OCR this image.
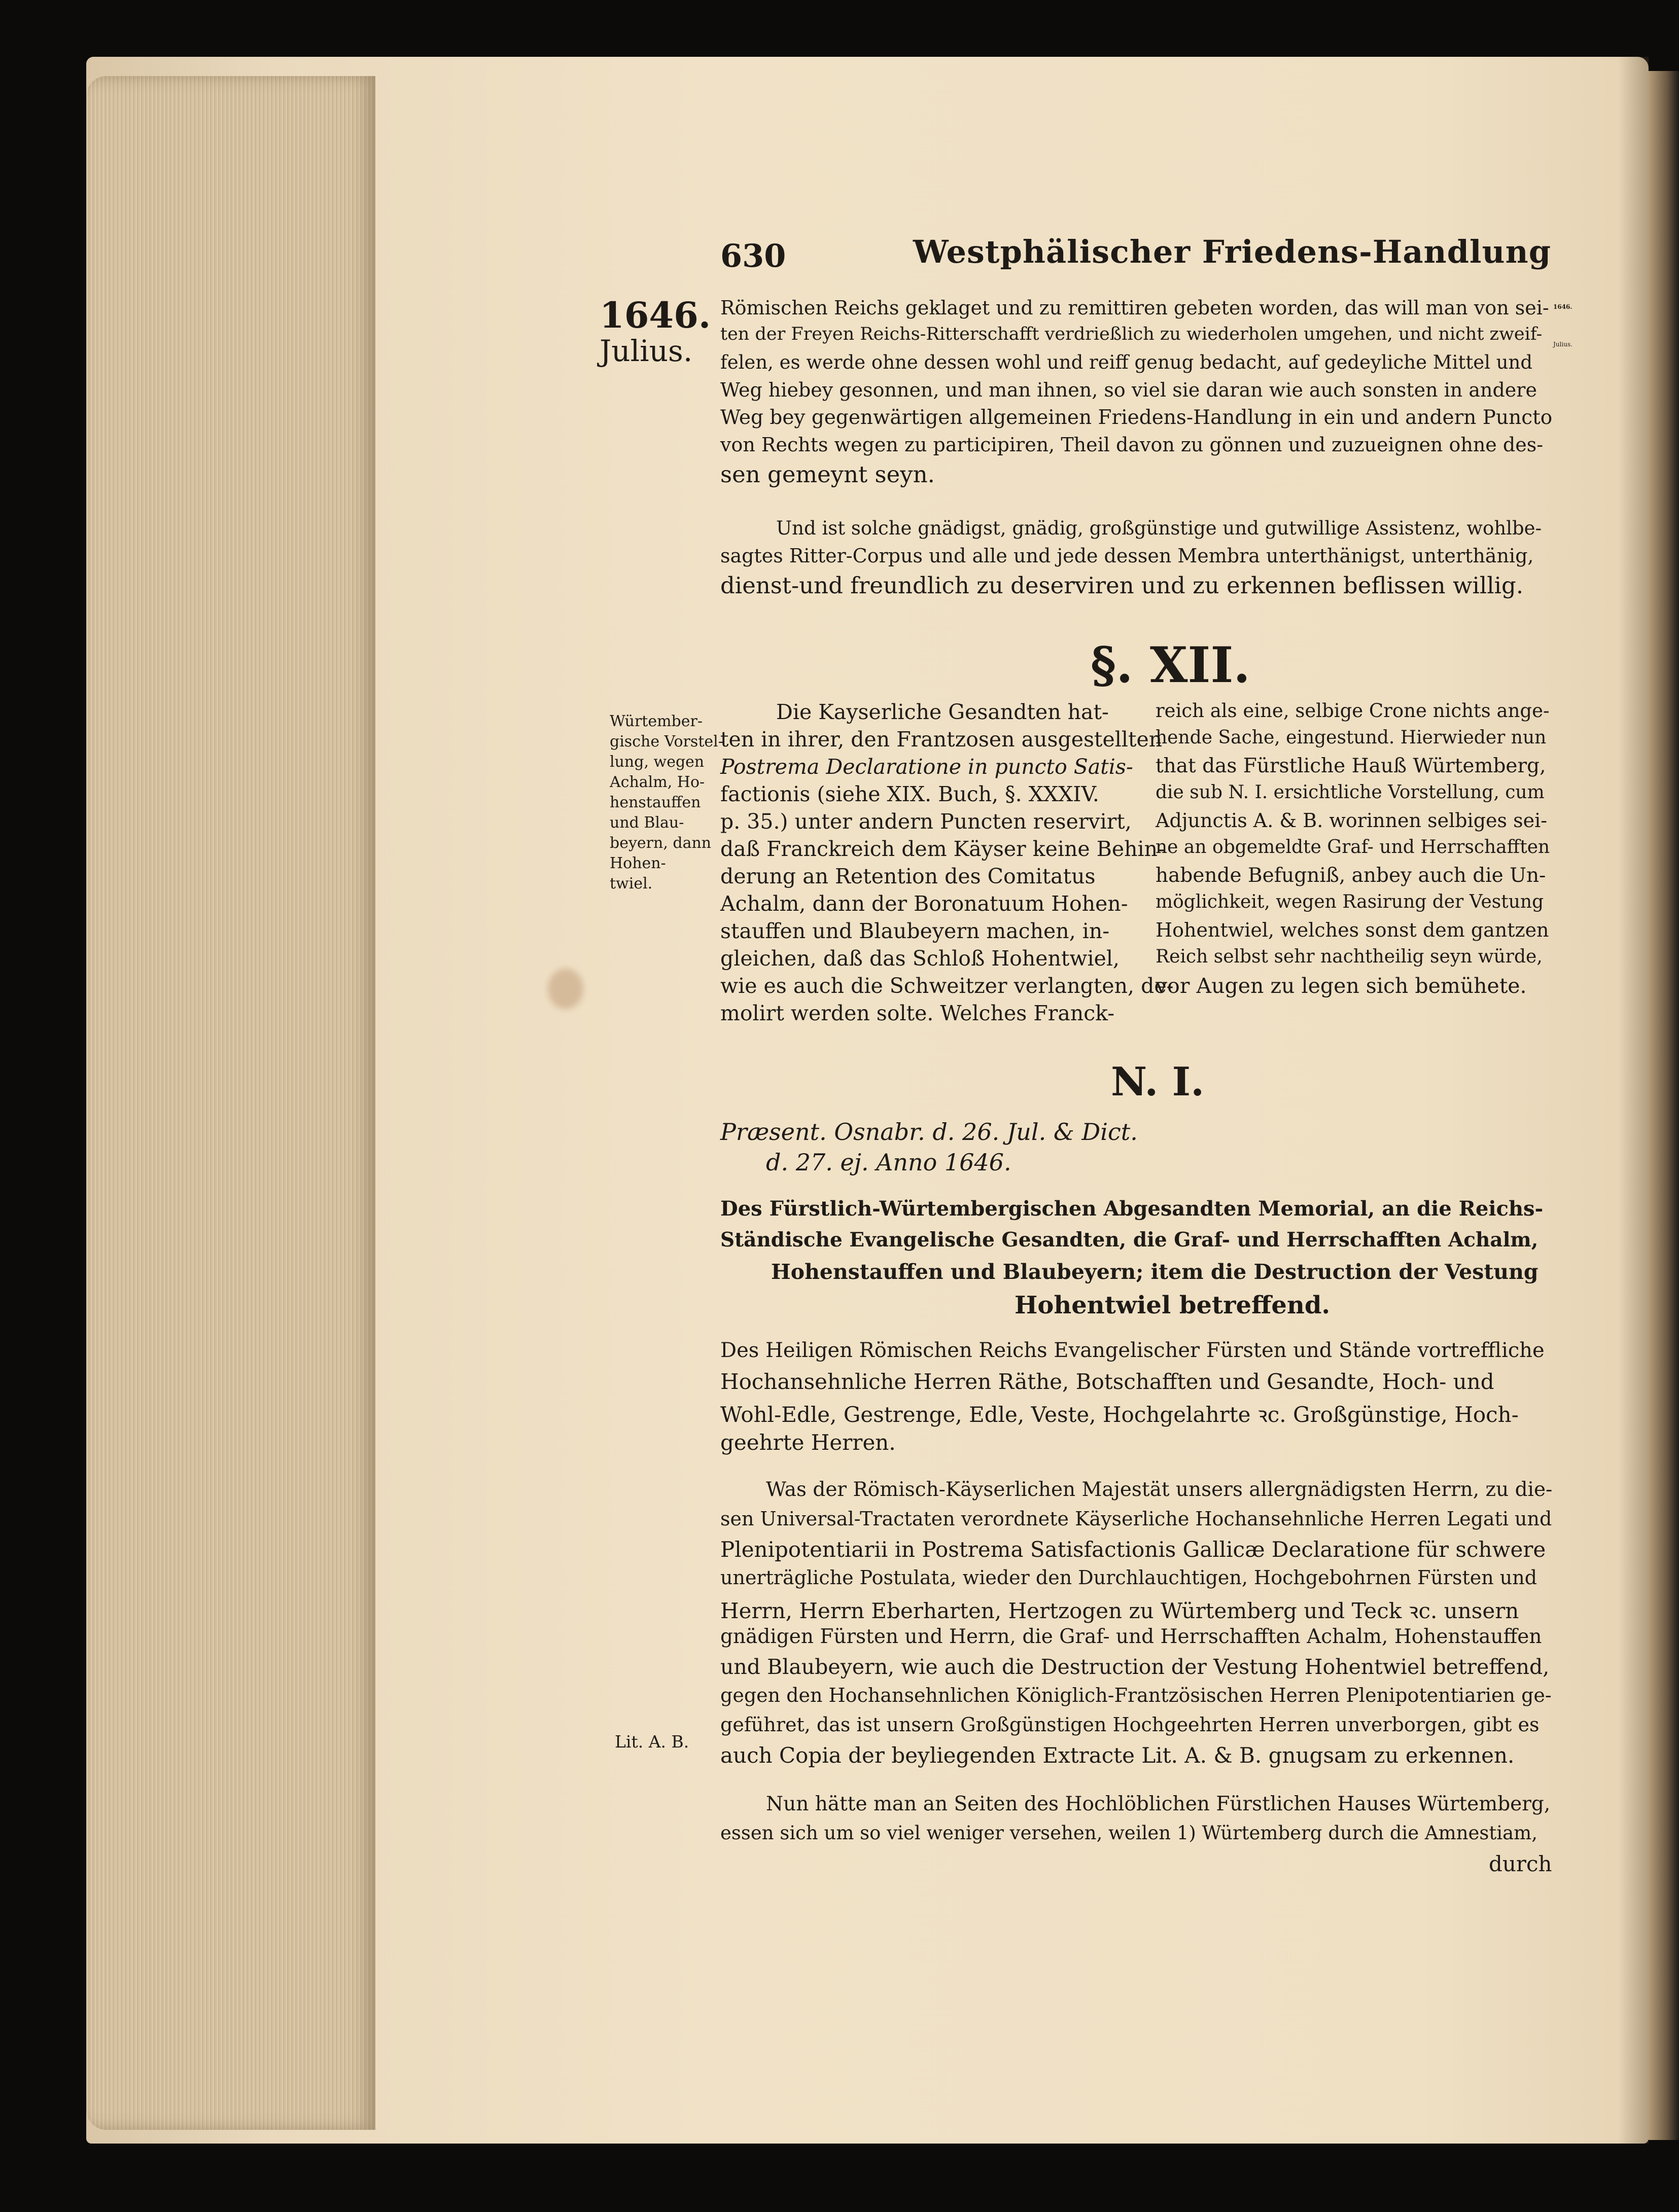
630	Westphälischer Friedens-Handlung
1646.
Julius.
1646.
Julius.
Römischen Reichs geklaget und zu remittiren gebeten worden, das will man von sei-
ten der Freyen Reichs-Ritterschafft verdrießlich zu wiederholen umgehen, und nicht zweif-
felen, es werde ohne dessen wohl und reiff genug bedacht, auf gedeyliche Mittel und
Weg hiebey gesonnen, und man ihnen, so viel sie daran wie auch sonsten in andere
Weg bey gegenwärtigen allgemeinen Friedens-Handlung in ein und andern Puncto
von Rechts wegen zu participiren, Theil davon zu gönnen und zuzueignen ohne des-
sen gemeynt seyn.
Und ist solche gnädigst, gnädig, großgünstige und gutwillige Assistenz, wohlbe-
sagtes Ritter-Corpus und alle und jede dessen Membra unterthänigst, unterthänig,
dienst-und freundlich zu deserviren und zu erkennen beflissen willig.
§. XII.
Würtember-
gische Vorstel-
lung, wegen
Achalm, Ho-
henstauffen
und Blau-
beyern, dann
Hohen-
twiel.
Die Kayserliche Gesandten hat-
ten in ihrer, den Frantzosen ausgestellten
Postrema Declaratione in puncto Satis-
factionis (siehe XIX. Buch, §. XXXIV.
p. 35.) unter andern Puncten reservirt,
daß Franckreich dem Käyser keine Behin-
derung an Retention des Comitatus
Achalm, dann der Boronatuum Hohen-
stauffen und Blaubeyern machen, in-
gleichen, daß das Schloß Hohentwiel,
wie es auch die Schweitzer verlangten, de-
molirt werden solte. Welches Franck-
reich als eine, selbige Crone nichts ange-
hende Sache, eingestund. Hierwieder nun
that das Fürstliche Hauß Würtemberg,
die sub N. I. ersichtliche Vorstellung, cum
Adjunctis A. & B. worinnen selbiges sei-
ne an obgemeldte Graf- und Herrschafften
habende Befugniß, anbey auch die Un-
möglichkeit, wegen Rasirung der Vestung
Hohentwiel, welches sonst dem gantzen
Reich selbst sehr nachtheilig seyn würde,
vor Augen zu legen sich bemühete.
N. I.
Præsent. Osnabr. d. 26. Jul. & Dict.
d. 27. ej. Anno 1646.
Des Fürstlich-Würtembergischen Abgesandten Memorial, an die Reichs-
Ständische Evangelische Gesandten, die Graf- und Herrschafften Achalm,
Hohenstauffen und Blaubeyern; item die Destruction der Vestung
Hohentwiel betreffend.
Des Heiligen Römischen Reichs Evangelischer Fürsten und Stände vortreffliche
Hochansehnliche Herren Räthe, Botschafften und Gesandte, Hoch- und
Wohl-Edle, Gestrenge, Edle, Veste, Hochgelahrte ꝛc. Großgünstige, Hoch-
geehrte Herren.
Was der Römisch-Käyserlichen Majestät unsers allergnädigsten Herrn, zu die-
sen Universal-Tractaten verordnete Käyserliche Hochansehnliche Herren Legati und
Plenipotentiarii in Postrema Satisfactionis Gallicæ Declaratione für schwere
unerträgliche Postulata, wieder den Durchlauchtigen, Hochgebohrnen Fürsten und
Herrn, Herrn Eberharten, Hertzogen zu Würtemberg und Teck ꝛc. unsern
gnädigen Fürsten und Herrn, die Graf- und Herrschafften Achalm, Hohenstauffen
und Blaubeyern, wie auch die Destruction der Vestung Hohentwiel betreffend,
gegen den Hochansehnlichen Königlich-Frantzösischen Herren Plenipotentiarien ge-
geführet, das ist unsern Großgünstigen Hochgeehrten Herren unverborgen, gibt es
auch Copia der beyliegenden Extracte Lit. A. & B. gnugsam zu erkennen.
Lit. A. B.
Nun hätte man an Seiten des Hochlöblichen Fürstlichen Hauses Würtemberg,
essen sich um so viel weniger versehen, weilen 1) Würtemberg durch die Amnestiam,
durch
